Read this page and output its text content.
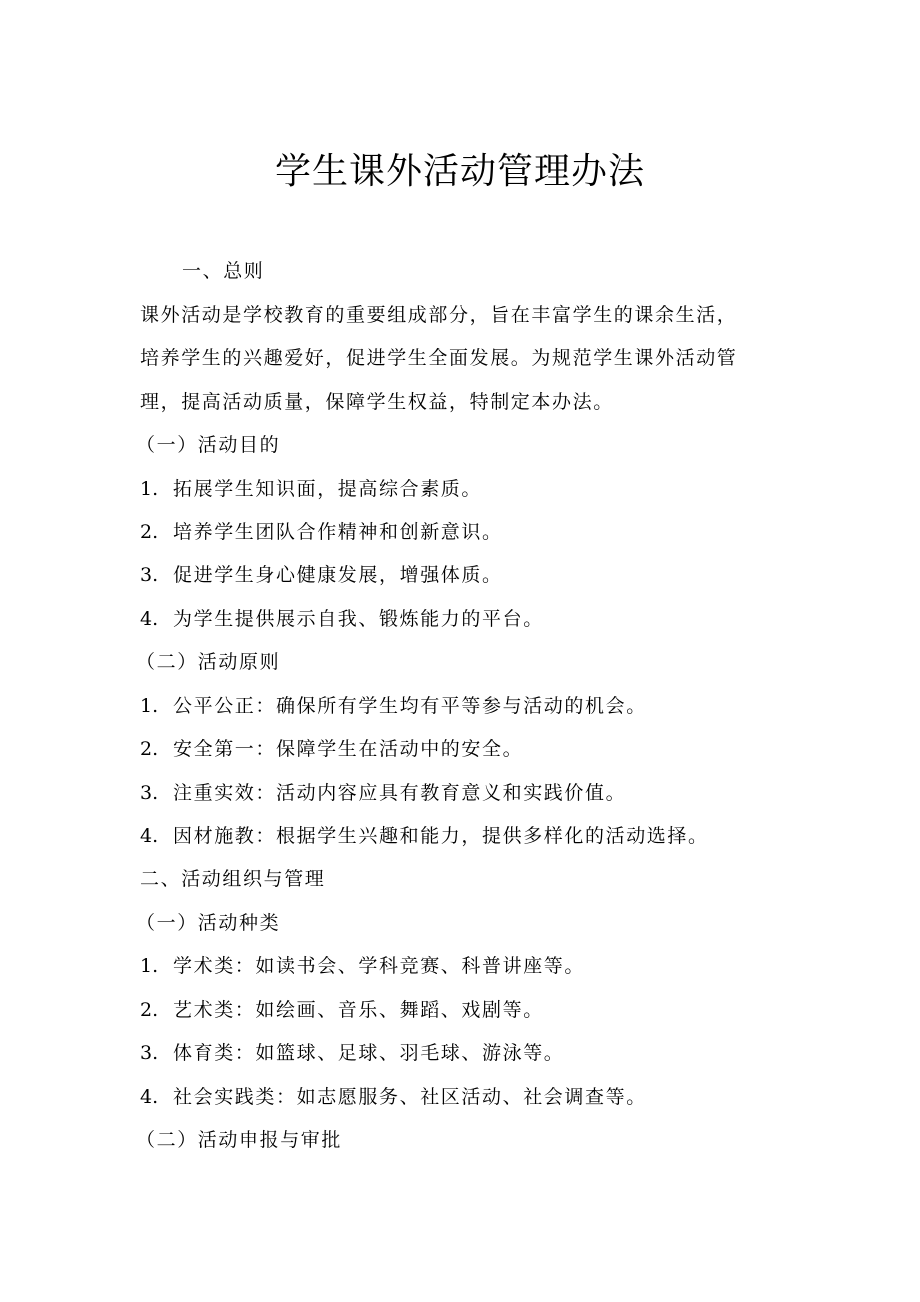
学生课外活动管理办法

一、总则

课外活动是学校教育的重要组成部分，旨在丰富学生的课余生活，

培养学生的兴趣爱好，促进学生全面发展。为规范学生课外活动管

理，提高活动质量，保障学生权益，特制定本办法。

（一）活动目的

1. 拓展学生知识面，提高综合素质。

2. 培养学生团队合作精神和创新意识。

3. 促进学生身心健康发展，增强体质。

4. 为学生提供展示自我、锻炼能力的平台。

（二）活动原则

1. 公平公正：确保所有学生均有平等参与活动的机会。

2. 安全第一：保障学生在活动中的安全。

3. 注重实效：活动内容应具有教育意义和实践价值。

4. 因材施教：根据学生兴趣和能力，提供多样化的活动选择。

二、活动组织与管理

（一）活动种类

1. 学术类：如读书会、学科竞赛、科普讲座等。

2. 艺术类：如绘画、音乐、舞蹈、戏剧等。

3. 体育类：如篮球、足球、羽毛球、游泳等。

4. 社会实践类：如志愿服务、社区活动、社会调查等。

（二）活动申报与审批
